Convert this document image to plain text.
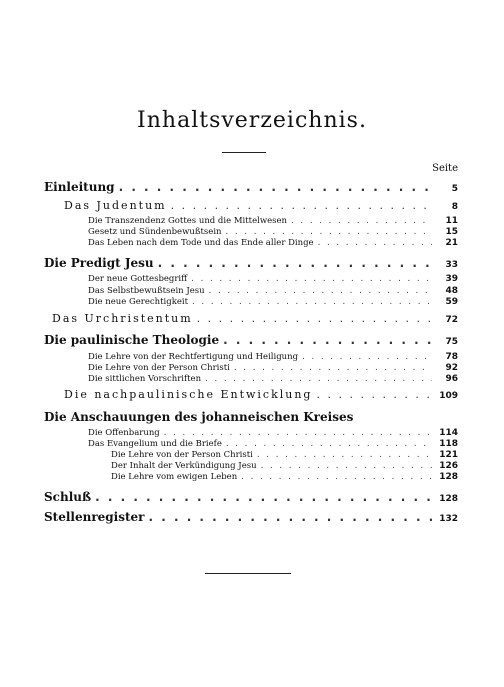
Inhaltsverzeichnis.
Seite
Einleitung . . .	5
Das Judentum . . .	8
Die Transzendenz Gottes und die Mittelwesen . . .	11
Gesetz und Sündenbewußtsein . . .	15
Das Leben nach dem Tode und das Ende aller Dinge . . .	21
Die Predigt Jesu . . .	33
Der neue Gottesbegriff . . .	39
Das Selbstbewußtsein Jesu . . .	48
Die neue Gerechtigkeit . . .	59
Das Urchristentum . . .	72
Die paulinische Theologie . . .	75
Die Lehre von der Rechtfertigung und Heiligung . . .	78
Die Lehre von der Person Christi . . .	92
Die sittlichen Vorschriften . . .	96
Die nachpaulinische Entwicklung . . .	109
Die Anschauungen des johanneischen Kreises
Die Offenbarung . . .	114
Das Evangelium und die Briefe . . .	118
Die Lehre von der Person Christi . . .	121
Der Inhalt der Verkündigung Jesu . . .	126
Die Lehre vom ewigen Leben . . .	128
Schluß . . .	128
Stellenregister . . .	132
